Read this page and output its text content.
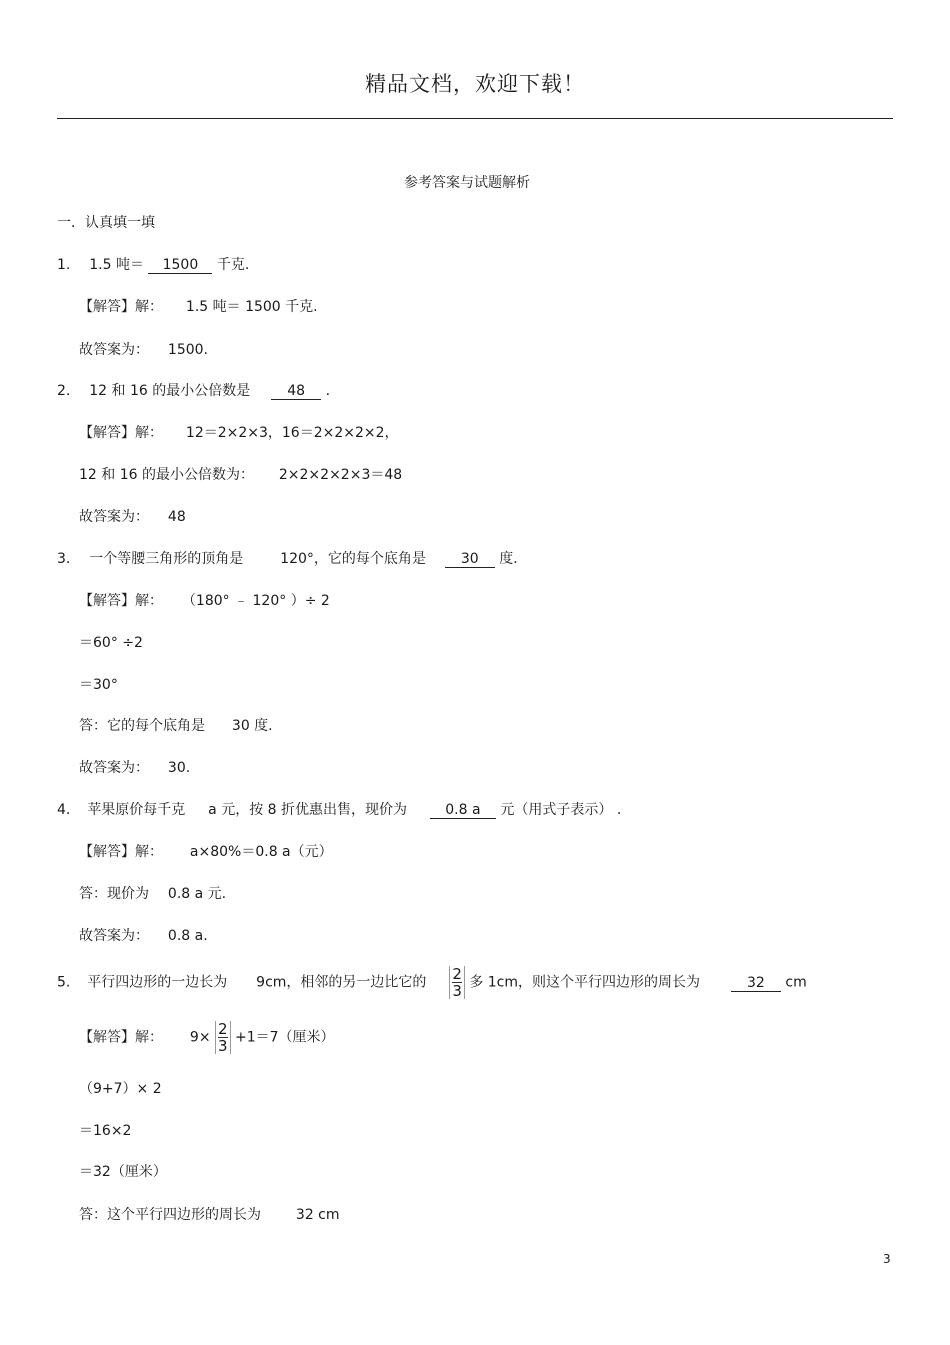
精品文档，欢迎下载！
参考答案与试题解析
一．认真填一填
1. 1.5 吨＝ 1500 千克.
【解答】解： 1.5 吨＝ 1500 千克.
故答案为： 1500.
2. 12 和 16 的最小公倍数是	48 .
【解答】解： 12＝2×2×3，16＝2×2×2×2，
12 和 16 的最小公倍数为： 2×2×2×2×3＝48
故答案为： 48
3. 一个等腰三角形的顶角是	120°，它的每个底角是 30 度.
【解答】解： （180° ﹣ 120° ）÷ 2
＝60° ÷2
＝30°
答：它的每个底角是 30 度.
故答案为： 30.
4. 苹果原价每千克 a 元，按 8 折优惠出售，现价为	0.8 a 元（用式子表示） .
【解答】解： a×80%＝0.8 a（元）
答：现价为 0.8 a 元.
故答案为： 0.8 a.
5. 平行四边形的一边长为 9cm，相邻的另一边比它的 $\frac{2}{3}$ 多 1cm，则这个平行四边形的周长为	32 cm
【解答】解： $9\times \frac{2}{3} +1=7$（厘米）
（9+7）× 2
＝16×2
＝32（厘米）
答：这个平行四边形的周长为 32 cm
3
